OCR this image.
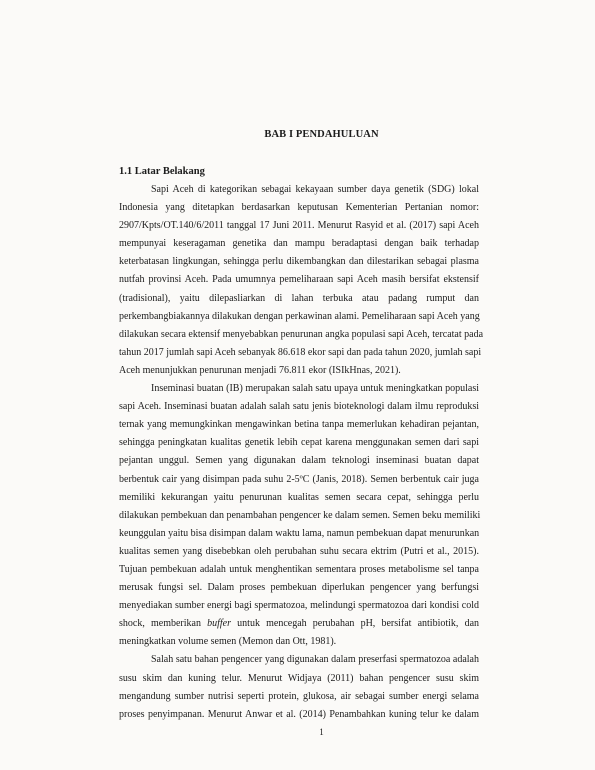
BAB I PENDAHULUAN
1.1 Latar Belakang

Sapi Aceh di kategorikan sebagai kekayaan sumber daya genetik (SDG) lokal
Indonesia yang ditetapkan berdasarkan keputusan Kementerian Pertanian nomor:
2907/Kpts/OT.140/6/2011 tanggal 17 Juni 2011. Menurut Rasyid et al. (2017) sapi Aceh
mempunyai keseragaman genetika dan mampu beradaptasi dengan baik terhadap
keterbatasan lingkungan, sehingga perlu dikembangkan dan dilestarikan sebagai plasma
nutfah provinsi Aceh. Pada umumnya pemeliharaan sapi Aceh masih bersifat ekstensif
(tradisional), yaitu dilepasliarkan di lahan terbuka atau padang rumput dan
perkembangbiakannya dilakukan dengan perkawinan alami. Pemeliharaan sapi Aceh yang
dilakukan secara ektensif menyebabkan penurunan angka populasi sapi Aceh, tercatat pada
tahun 2017 jumlah sapi Aceh sebanyak 86.618 ekor sapi dan pada tahun 2020, jumlah sapi
Aceh menunjukkan penurunan menjadi 76.811 ekor (ISIkHnas, 2021).

Inseminasi buatan (IB) merupakan salah satu upaya untuk meningkatkan populasi
sapi Aceh. Inseminasi buatan adalah salah satu jenis bioteknologi dalam ilmu reproduksi
ternak yang memungkinkan mengawinkan betina tanpa memerlukan kehadiran pejantan,
sehingga peningkatan kualitas genetik lebih cepat karena menggunakan semen dari sapi
pejantan unggul. Semen yang digunakan dalam teknologi inseminasi buatan dapat
berbentuk cair yang disimpan pada suhu 2-5ºC (Janis, 2018). Semen berbentuk cair juga
memiliki kekurangan yaitu penurunan kualitas semen secara cepat, sehingga perlu
dilakukan pembekuan dan penambahan pengencer ke dalam semen. Semen beku memiliki
keunggulan yaitu bisa disimpan dalam waktu lama, namun pembekuan dapat menurunkan
kualitas semen yang disebebkan oleh perubahan suhu secara ektrim (Putri et al., 2015).
Tujuan pembekuan adalah untuk menghentikan sementara proses metabolisme sel tanpa
merusak fungsi sel. Dalam proses pembekuan diperlukan pengencer yang berfungsi
menyediakan sumber energi bagi spermatozoa, melindungi spermatozoa dari kondisi cold
shock, memberikan buffer untuk mencegah perubahan pH, bersifat antibiotik, dan
meningkatkan volume semen (Memon dan Ott, 1981).

Salah satu bahan pengencer yang digunakan dalam preserfasi spermatozoa adalah
susu skim dan kuning telur. Menurut Widjaya (2011) bahan pengencer susu skim
mengandung sumber nutrisi seperti protein, glukosa, air sebagai sumber energi selama
proses penyimpanan. Menurut Anwar et al. (2014) Penambahkan kuning telur ke dalam

1
